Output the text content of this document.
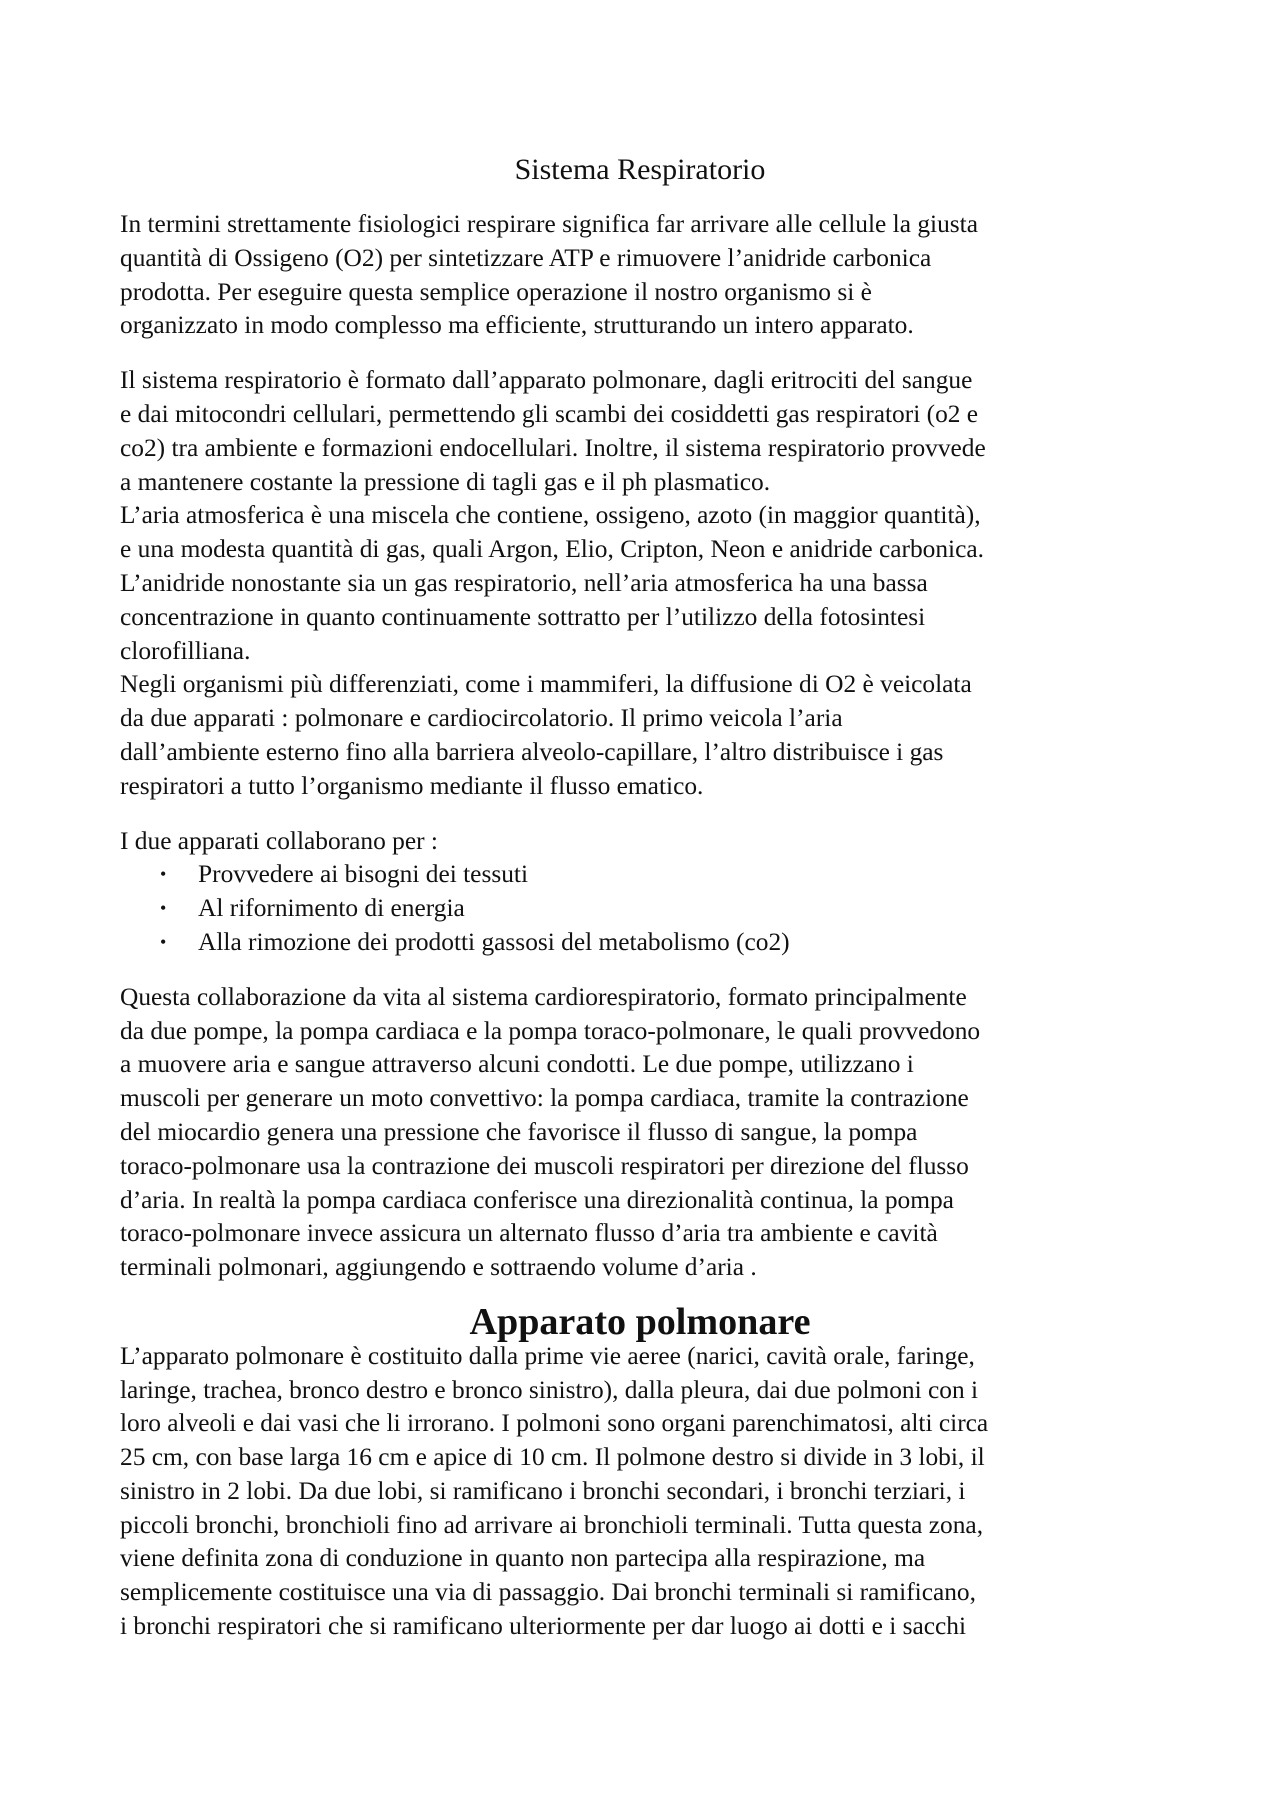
Sistema Respiratorio

In termini strettamente fisiologici respirare significa far arrivare alle cellule la giusta
quantità di Ossigeno (O2) per sintetizzare ATP e rimuovere l’anidride carbonica
prodotta. Per eseguire questa semplice operazione il nostro organismo si è
organizzato in modo complesso ma efficiente, strutturando un intero apparato.

Il sistema respiratorio è formato dall’apparato polmonare, dagli eritrociti del sangue
e dai mitocondri cellulari, permettendo gli scambi dei cosiddetti gas respiratori (o2 e
co2) tra ambiente e formazioni endocellulari. Inoltre, il sistema respiratorio provvede
a mantenere costante la pressione di tagli gas e il ph plasmatico.
L’aria atmosferica è una miscela che contiene, ossigeno, azoto (in maggior quantità),
e una modesta quantità di gas, quali Argon, Elio, Cripton, Neon e anidride carbonica.
L’anidride nonostante sia un gas respiratorio, nell’aria atmosferica ha una bassa
concentrazione in quanto continuamente sottratto per l’utilizzo della fotosintesi
clorofilliana.
Negli organismi più differenziati, come i mammiferi, la diffusione di O2 è veicolata
da due apparati : polmonare e cardiocircolatorio. Il primo veicola l’aria
dall’ambiente esterno fino alla barriera alveolo-capillare, l’altro distribuisce i gas
respiratori a tutto l’organismo mediante il flusso ematico.

I due apparati collaborano per :

• Provvedere ai bisogni dei tessuti
• Al rifornimento di energia
• Alla rimozione dei prodotti gassosi del metabolismo (co2)

Questa collaborazione da vita al sistema cardiorespiratorio, formato principalmente
da due pompe, la pompa cardiaca e la pompa toraco-polmonare, le quali provvedono
a muovere aria e sangue attraverso alcuni condotti. Le due pompe, utilizzano i
muscoli per generare un moto convettivo: la pompa cardiaca, tramite la contrazione
del miocardio genera una pressione che favorisce il flusso di sangue, la pompa
toraco-polmonare usa la contrazione dei muscoli respiratori per direzione del flusso
d’aria. In realtà la pompa cardiaca conferisce una direzionalità continua, la pompa
toraco-polmonare invece assicura un alternato flusso d’aria tra ambiente e cavità
terminali polmonari, aggiungendo e sottraendo volume d’aria .

Apparato polmonare

L’apparato polmonare è costituito dalla prime vie aeree (narici, cavità orale, faringe,
laringe, trachea, bronco destro e bronco sinistro), dalla pleura, dai due polmoni con i
loro alveoli e dai vasi che li irrorano. I polmoni sono organi parenchimatosi, alti circa
25 cm, con base larga 16 cm e apice di 10 cm. Il polmone destro si divide in 3 lobi, il
sinistro in 2 lobi. Da due lobi, si ramificano i bronchi secondari, i bronchi terziari, i
piccoli bronchi, bronchioli fino ad arrivare ai bronchioli terminali. Tutta questa zona,
viene definita zona di conduzione in quanto non partecipa alla respirazione, ma
semplicemente costituisce una via di passaggio. Dai bronchi terminali si ramificano,
i bronchi respiratori che si ramificano ulteriormente per dar luogo ai dotti e i sacchi
